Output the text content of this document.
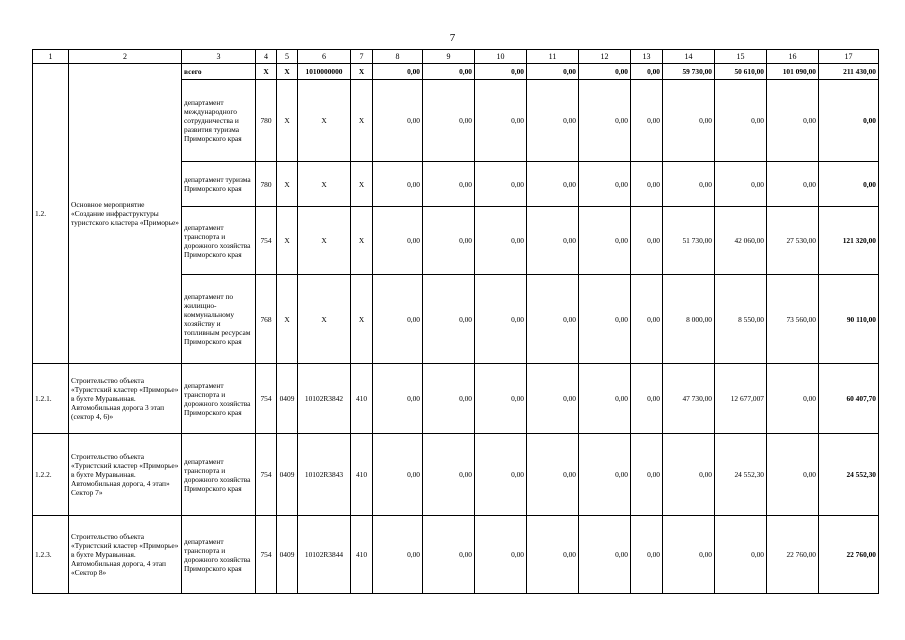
7
1	2	3	4	5	6	7	8	9	10	11	12	13	14	15	16	17
1.2.	Основное мероприятие «Создание инфраструктуры туристского кластера «Приморье»	всего	X	X	1010000000	X	0,00	0,00	0,00	0,00	0,00	0,00	59 730,00	50 610,00	101 090,00	211 430,00
		департамент международного сотрудничества и развития туризма Приморского края	780	X	X	X	0,00	0,00	0,00	0,00	0,00	0,00	0,00	0,00	0,00	0,00
		департамент туризма Приморского края	780	X	X	X	0,00	0,00	0,00	0,00	0,00	0,00	0,00	0,00	0,00	0,00
		департамент транспорта и дорожного хозяйства Приморского края	754	X	X	X	0,00	0,00	0,00	0,00	0,00	0,00	51 730,00	42 060,00	27 530,00	121 320,00
		департамент по жилищно-коммунальному хозяйству и топливным ресурсам Приморского края	768	X	X	X	0,00	0,00	0,00	0,00	0,00	0,00	8 000,00	8 550,00	73 560,00	90 110,00
1.2.1.	Строительство объекта «Туристский кластер «Приморье» в бухте Муравьиная. Автомобильная дорога 3 этап (сектор 4, 6)»	департамент транспорта и дорожного хозяйства Приморского края	754	0409	10102R3842	410	0,00	0,00	0,00	0,00	0,00	0,00	47 730,00	12 677,007	0,00	60 407,70
1.2.2.	Строительство объекта «Туристский кластер «Приморье» в бухте Муравьиная. Автомобильная дорога, 4 этап» Сектор 7»	департамент транспорта и дорожного хозяйства Приморского края	754	0409	10102R3843	410	0,00	0,00	0,00	0,00	0,00	0,00	0,00	24 552,30	0,00	24 552,30
1.2.3.	Строительство объекта «Туристский кластер «Приморье» в бухте Муравьиная. Автомобильная дорога, 4 этап «Сектор 8»	департамент транспорта и дорожного хозяйства Приморского края	754	0409	10102R3844	410	0,00	0,00	0,00	0,00	0,00	0,00	0,00	0,00	22 760,00	22 760,00
